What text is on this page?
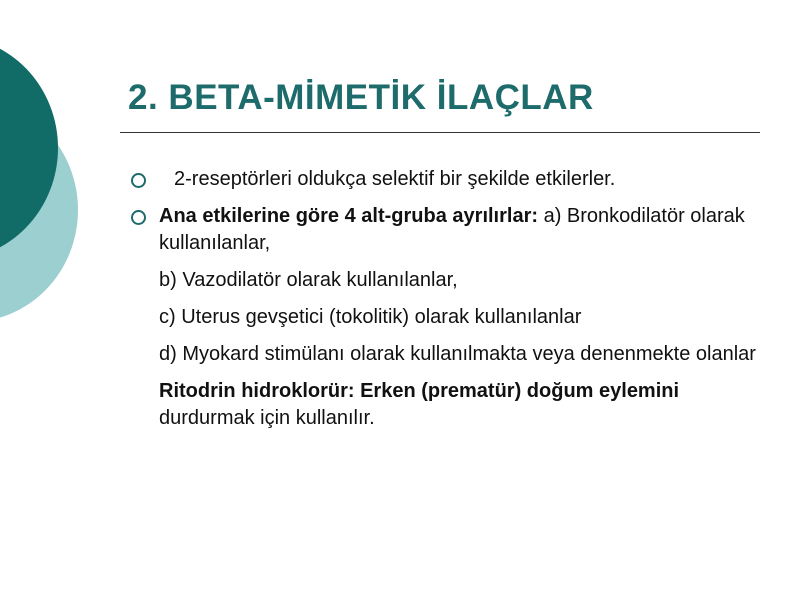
2. BETA-MİMETİK İLAÇLAR
2-reseptörleri oldukça selektif bir şekilde etkilerler.
Ana etkilerine göre 4 alt-gruba ayrılırlar: a) Bronkodilatör olarak kullanılanlar,
b) Vazodilatör olarak kullanılanlar,
c) Uterus gevşetici (tokolitik) olarak kullanılanlar
d) Myokard stimülanı olarak kullanılmakta veya denenmekte olanlar
Ritodrin hidroklorür: Erken (prematür) doğum eylemini durdurmak için kullanılır.
